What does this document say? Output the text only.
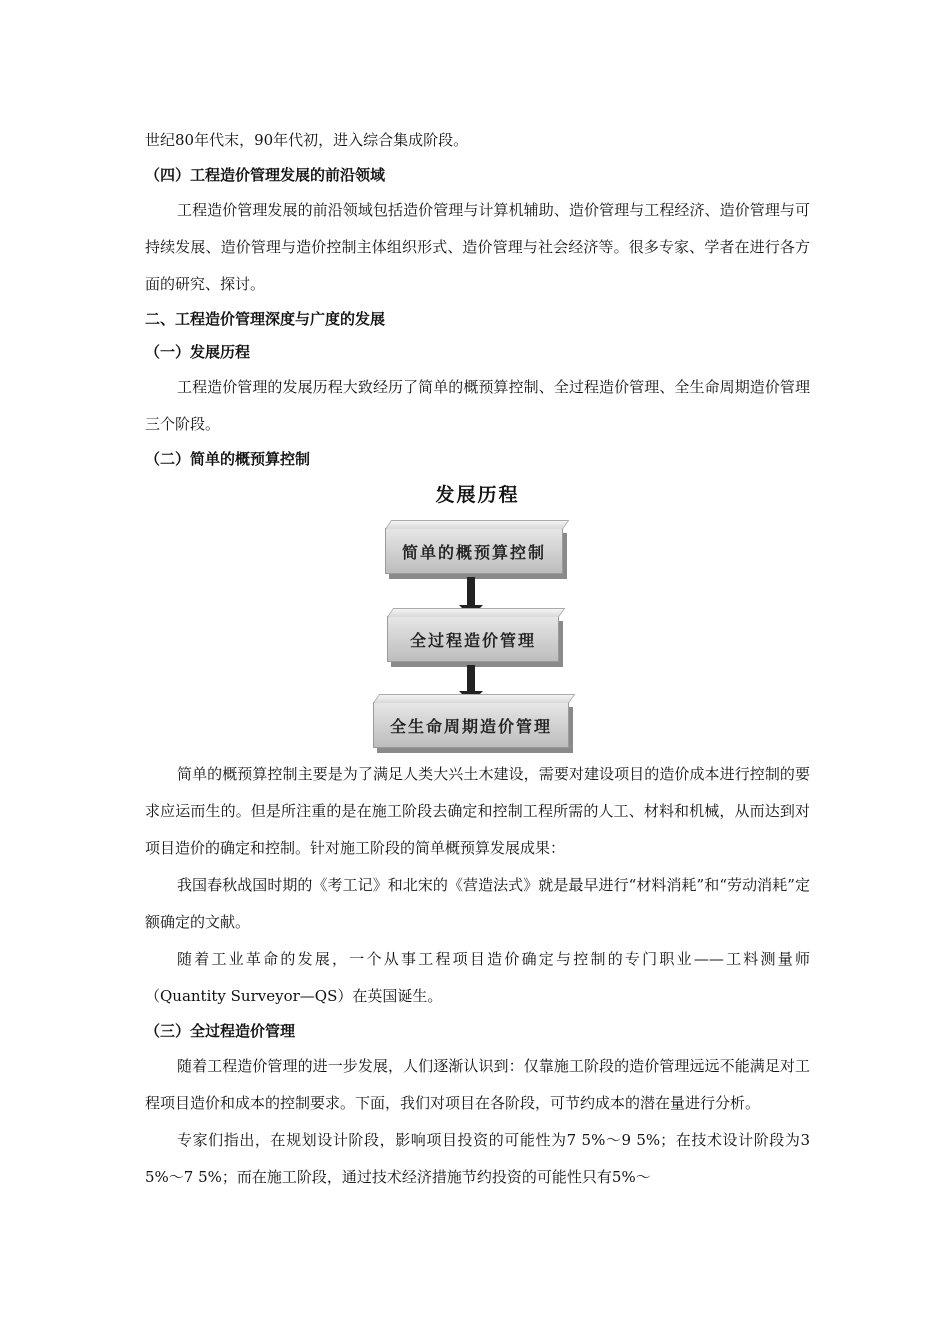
世纪80年代末，90年代初，进入综合集成阶段。

（四）工程造价管理发展的前沿领域

工程造价管理发展的前沿领域包括造价管理与计算机辅助、造价管理与工程经济、造价管理与可持续发展、造价管理与造价控制主体组织形式、造价管理与社会经济等。很多专家、学者在进行各方面的研究、探讨。

二、工程造价管理深度与广度的发展
（一）发展历程

工程造价管理的发展历程大致经历了简单的概预算控制、全过程造价管理、全生命周期造价管理三个阶段。

（二）简单的概预算控制
发展历程
简单的概预算控制
全过程造价管理
全生命周期造价管理

简单的概预算控制主要是为了满足人类大兴土木建设，需要对建设项目的造价成本进行控制的要求应运而生的。但是所注重的是在施工阶段去确定和控制工程所需的人工、材料和机械，从而达到对项目造价的确定和控制。针对施工阶段的简单概预算发展成果：

我国春秋战国时期的《考工记》和北宋的《营造法式》就是最早进行“材料消耗”和“劳动消耗”定额确定的文献。

随着工业革命的发展，一个从事工程项目造价确定与控制的专门职业——工料测量师（Quantity Surveyor—QS）在英国诞生。

（三）全过程造价管理

随着工程造价管理的进一步发展，人们逐渐认识到：仅靠施工阶段的造价管理远远不能满足对工程项目造价和成本的控制要求。下面，我们对项目在各阶段，可节约成本的潜在量进行分析。

专家们指出，在规划设计阶段，影响项目投资的可能性为7 5%～9 5%；在技术设计阶段为3 5%～7 5%；而在施工阶段，通过技术经济措施节约投资的可能性只有5%～
